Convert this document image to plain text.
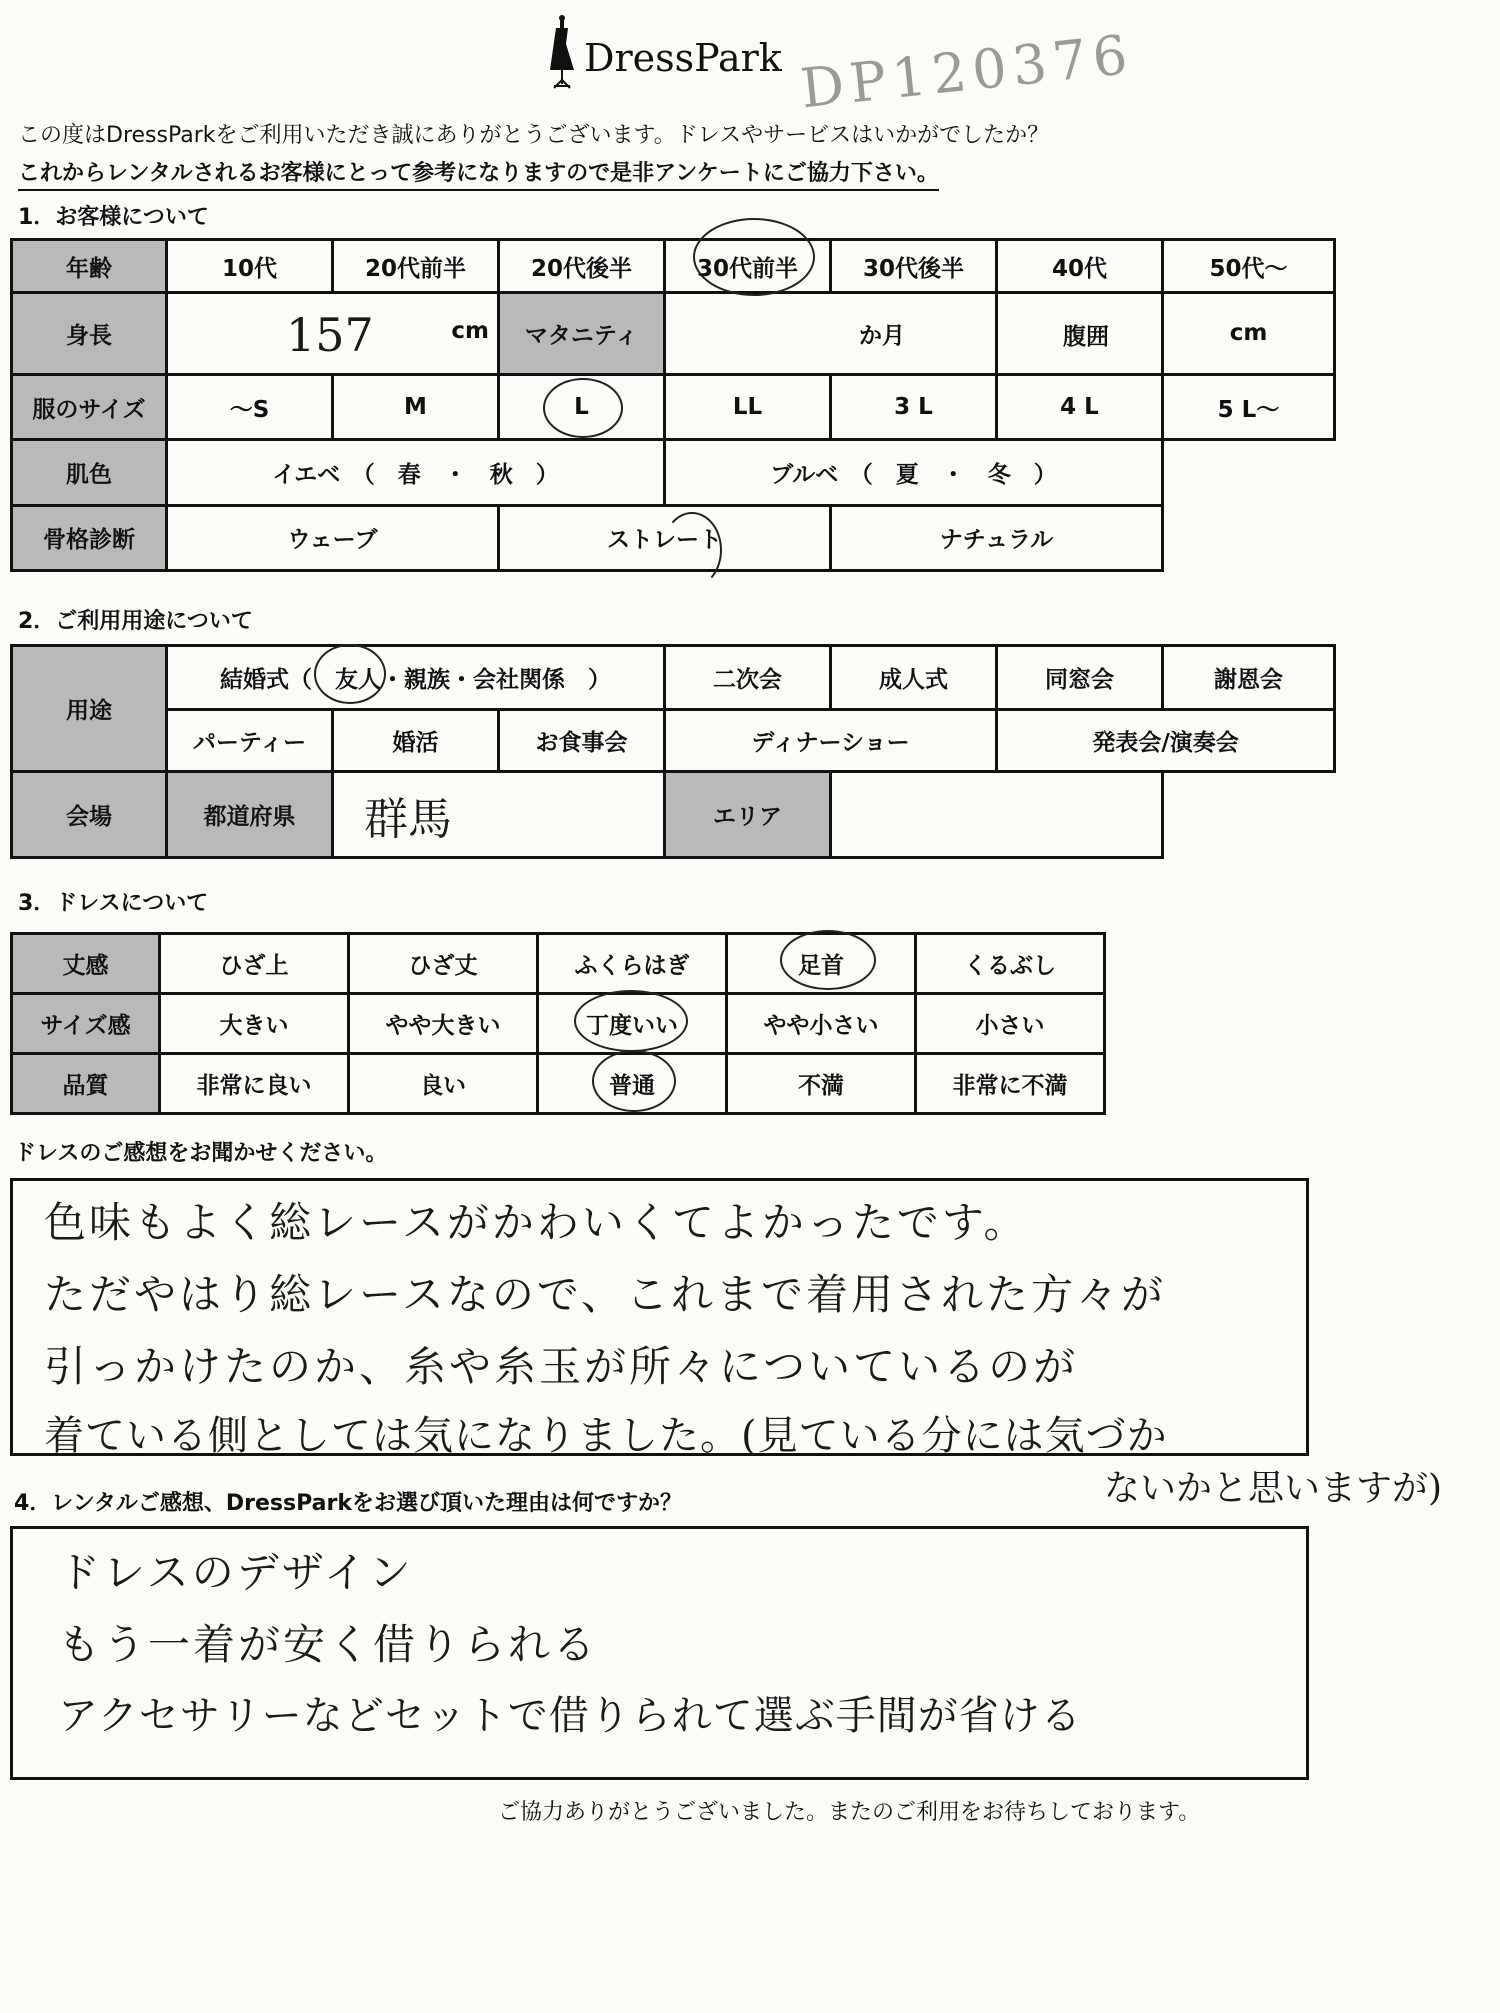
DressPark DP120376
この度はDressParkをご利用いただき誠にありがとうございます。ドレスやサービスはいかがでしたか？
これからレンタルされるお客様にとって参考になりますので是非アンケートにご協力下さい。
1．お客様について
年齢	10代	20代前半	20代後半	30代前半	30代後半	40代	50代～
身長	157 cm		マタニティ	か月		腹囲	cm
服のサイズ	～S	M	L	LL	3 L	4 L	5 L～
肌色	イエベ　（　春　・　秋　）			ブルベ　（　夏　・　冬　）			
骨格診断	ウェーブ		ストレート		ナチュラル		
2．ご利用用途について
用途	結婚式（　友人・親族・会社関係　）			二次会	成人式	同窓会	謝恩会
	パーティー	婚活	お食事会	ディナーショー		発表会/演奏会	
会場	都道府県	群馬		エリア			
3．ドレスについて
丈感	ひざ上	ひざ丈	ふくらはぎ	足首	くるぶし
サイズ感	大きい	やや大きい	丁度いい	やや小さい	小さい
品質	非常に良い	良い	普通	不満	非常に不満
ドレスのご感想をお聞かせください。
色味もよく総レースがかわいくてよかったです。
ただやはり総レースなので、これまで着用された方々が
引っかけたのか、糸や糸玉が所々についているのが
着ている側としては気になりました。(見ている分には気づか
ないかと思いますが)
4．レンタルご感想、DressParkをお選び頂いた理由は何ですか？
ドレスのデザイン
もう一着が安く借りられる
アクセサリーなどセットで借りられて選ぶ手間が省ける
ご協力ありがとうございました。またのご利用をお待ちしております。
